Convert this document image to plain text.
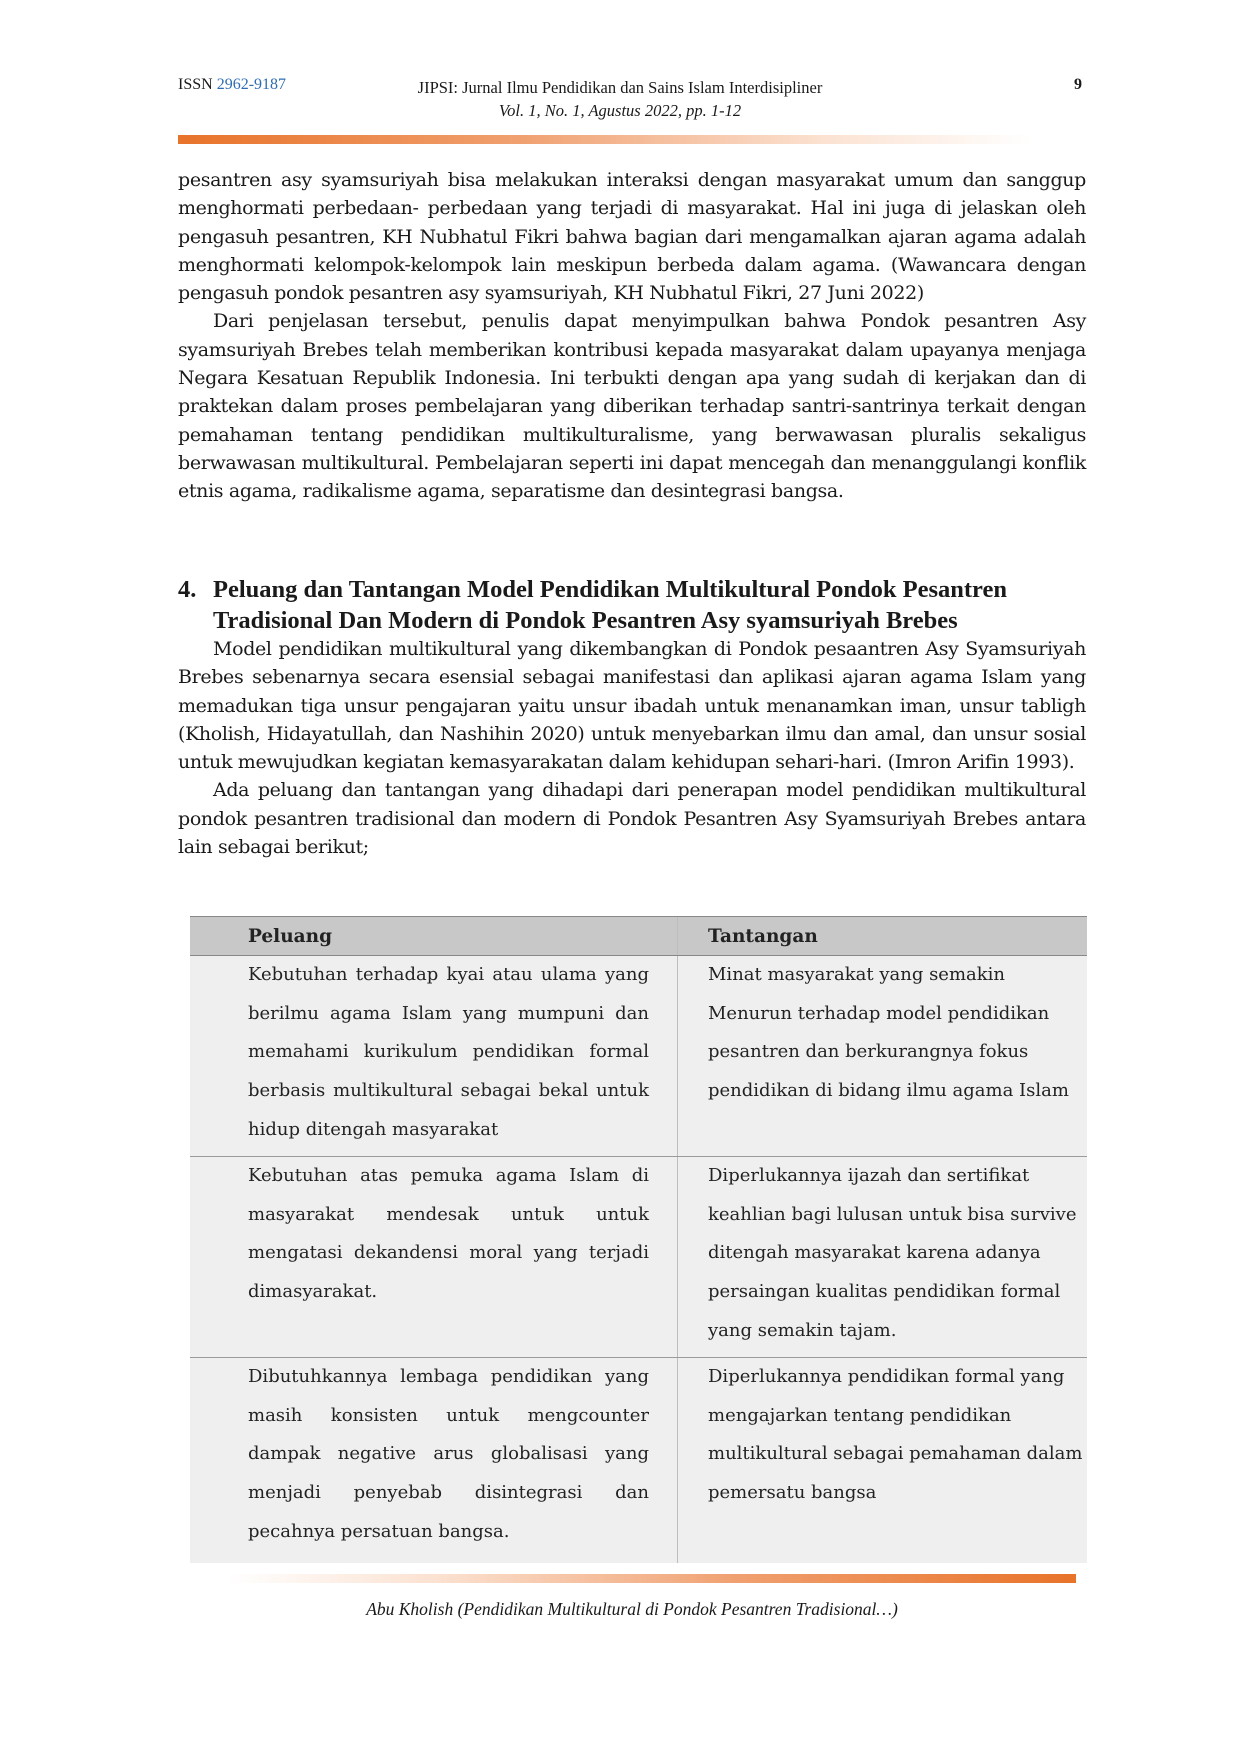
ISSN 2962-9187	JIPSI: Jurnal Ilmu Pendidikan dan Sains Islam Interdisipliner
Vol. 1, No. 1, Agustus 2022, pp. 1-12
9

pesantren asy syamsuriyah bisa melakukan interaksi dengan masyarakat umum dan sanggup menghormati perbedaan- perbedaan yang terjadi di masyarakat. Hal ini juga di jelaskan oleh pengasuh pesantren, KH Nubhatul Fikri bahwa bagian dari mengamalkan ajaran agama adalah menghormati kelompok-kelompok lain meskipun berbeda dalam agama. (Wawancara dengan pengasuh pondok pesantren asy syamsuriyah, KH Nubhatul Fikri, 27 Juni 2022)

Dari penjelasan tersebut, penulis dapat menyimpulkan bahwa Pondok pesantren Asy syamsuriyah Brebes telah memberikan kontribusi kepada masyarakat dalam upayanya menjaga Negara Kesatuan Republik Indonesia. Ini terbukti dengan apa yang sudah di kerjakan dan di praktekan dalam proses pembelajaran yang diberikan terhadap santri-santrinya terkait dengan pemahaman tentang pendidikan multikulturalisme, yang berwawasan pluralis sekaligus berwawasan multikultural. Pembelajaran seperti ini dapat mencegah dan menanggulangi konflik etnis agama, radikalisme agama, separatisme dan desintegrasi bangsa.

4. Peluang dan Tantangan Model Pendidikan Multikultural Pondok Pesantren Tradisional Dan Modern di Pondok Pesantren Asy syamsuriyah Brebes

Model pendidikan multikultural yang dikembangkan di Pondok pesaantren Asy Syamsuriyah Brebes sebenarnya secara esensial sebagai manifestasi dan aplikasi ajaran agama Islam yang memadukan tiga unsur pengajaran yaitu unsur ibadah untuk menanamkan iman, unsur tabligh (Kholish, Hidayatullah, dan Nashihin 2020) untuk menyebarkan ilmu dan amal, dan unsur sosial untuk mewujudkan kegiatan kemasyarakatan dalam kehidupan sehari-hari. (Imron Arifin 1993).

Ada peluang dan tantangan yang dihadapi dari penerapan model pendidikan multikultural pondok pesantren tradisional dan modern di Pondok Pesantren Asy Syamsuriyah Brebes antara lain sebagai berikut;

Peluang	Tantangan

Kebutuhan terhadap kyai atau ulama yang berilmu agama Islam yang mumpuni dan memahami kurikulum pendidikan formal berbasis multikultural sebagai bekal untuk hidup ditengah masyarakat	Minat masyarakat yang semakin Menurun terhadap model pendidikan pesantren dan berkurangnya fokus pendidikan di bidang ilmu agama Islam

Kebutuhan atas pemuka agama Islam di masyarakat mendesak untuk untuk mengatasi dekandensi moral yang terjadi dimasyarakat.	Diperlukannya ijazah dan sertifikat keahlian bagi lulusan untuk bisa survive ditengah masyarakat karena adanya persaingan kualitas pendidikan formal yang semakin tajam.

Dibutuhkannya lembaga pendidikan yang masih konsisten untuk mengcounter dampak negative arus globalisasi yang menjadi penyebab disintegrasi dan pecahnya persatuan bangsa.	Diperlukannya pendidikan formal yang mengajarkan tentang pendidikan multikultural sebagai pemahaman dalam pemersatu bangsa
Abu Kholish (Pendidikan Multikultural di Pondok Pesantren Tradisional…)
